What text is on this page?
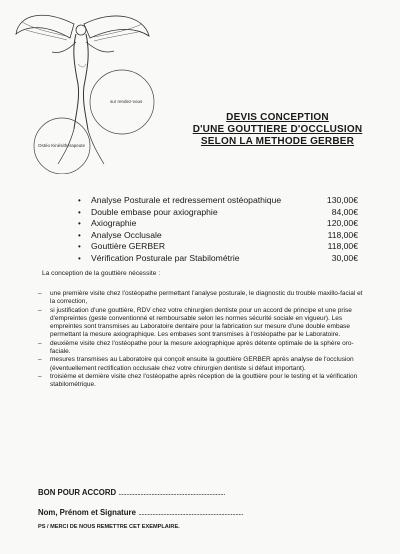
sur rendez-vous
Ostéo Kinésithérapeute
DEVIS CONCEPTION
D'UNE GOUTTIERE D'OCCLUSION
SELON LA METHODE GERBER
• Analyse Posturale et redressement ostéopathique	130,00€
• Double embase pour axiographie	84,00€
• Axiographie	120,00€
• Analyse Occlusale	118,00€
• Gouttière GERBER	118,00€
• Vérification Posturale par Stabilométrie	30,00€
La conception de la gouttière nécessite :
–	une première visite chez l'ostéopathe permettant l'analyse posturale, le diagnostic du trouble maxillo-facial et la correction,
–	si justification d'une gouttière, RDV chez votre chirurgien dentiste pour un accord de principe et une prise d'empreintes (geste conventionné et remboursable selon les normes sécurité sociale en vigueur). Les empreintes sont transmises au Laboratoire dentaire pour la fabrication sur mesure d'une double embase permettant la mesure axiographique. Les embases sont transmises à l'ostéopathe par le Laboratoire.
–	deuxième visite chez l'ostéopathe pour la mesure axiographique après détente optimale de la sphère oro-faciale.
–	mesures transmises au Laboratoire qui conçoit ensuite la gouttière GERBER après analyse de l'occlusion (éventuellement rectification occlusale chez votre chirurgien dentiste si défaut important).
–	troisième et dernière visite chez l'ostéopathe après réception de la gouttière pour le testing et la vérification stabilométrique.
BON POUR ACCORD ....................................................................
Nom, Prénom et Signature ...................................................................
PS / MERCI DE NOUS REMETTRE CET EXEMPLAIRE.
